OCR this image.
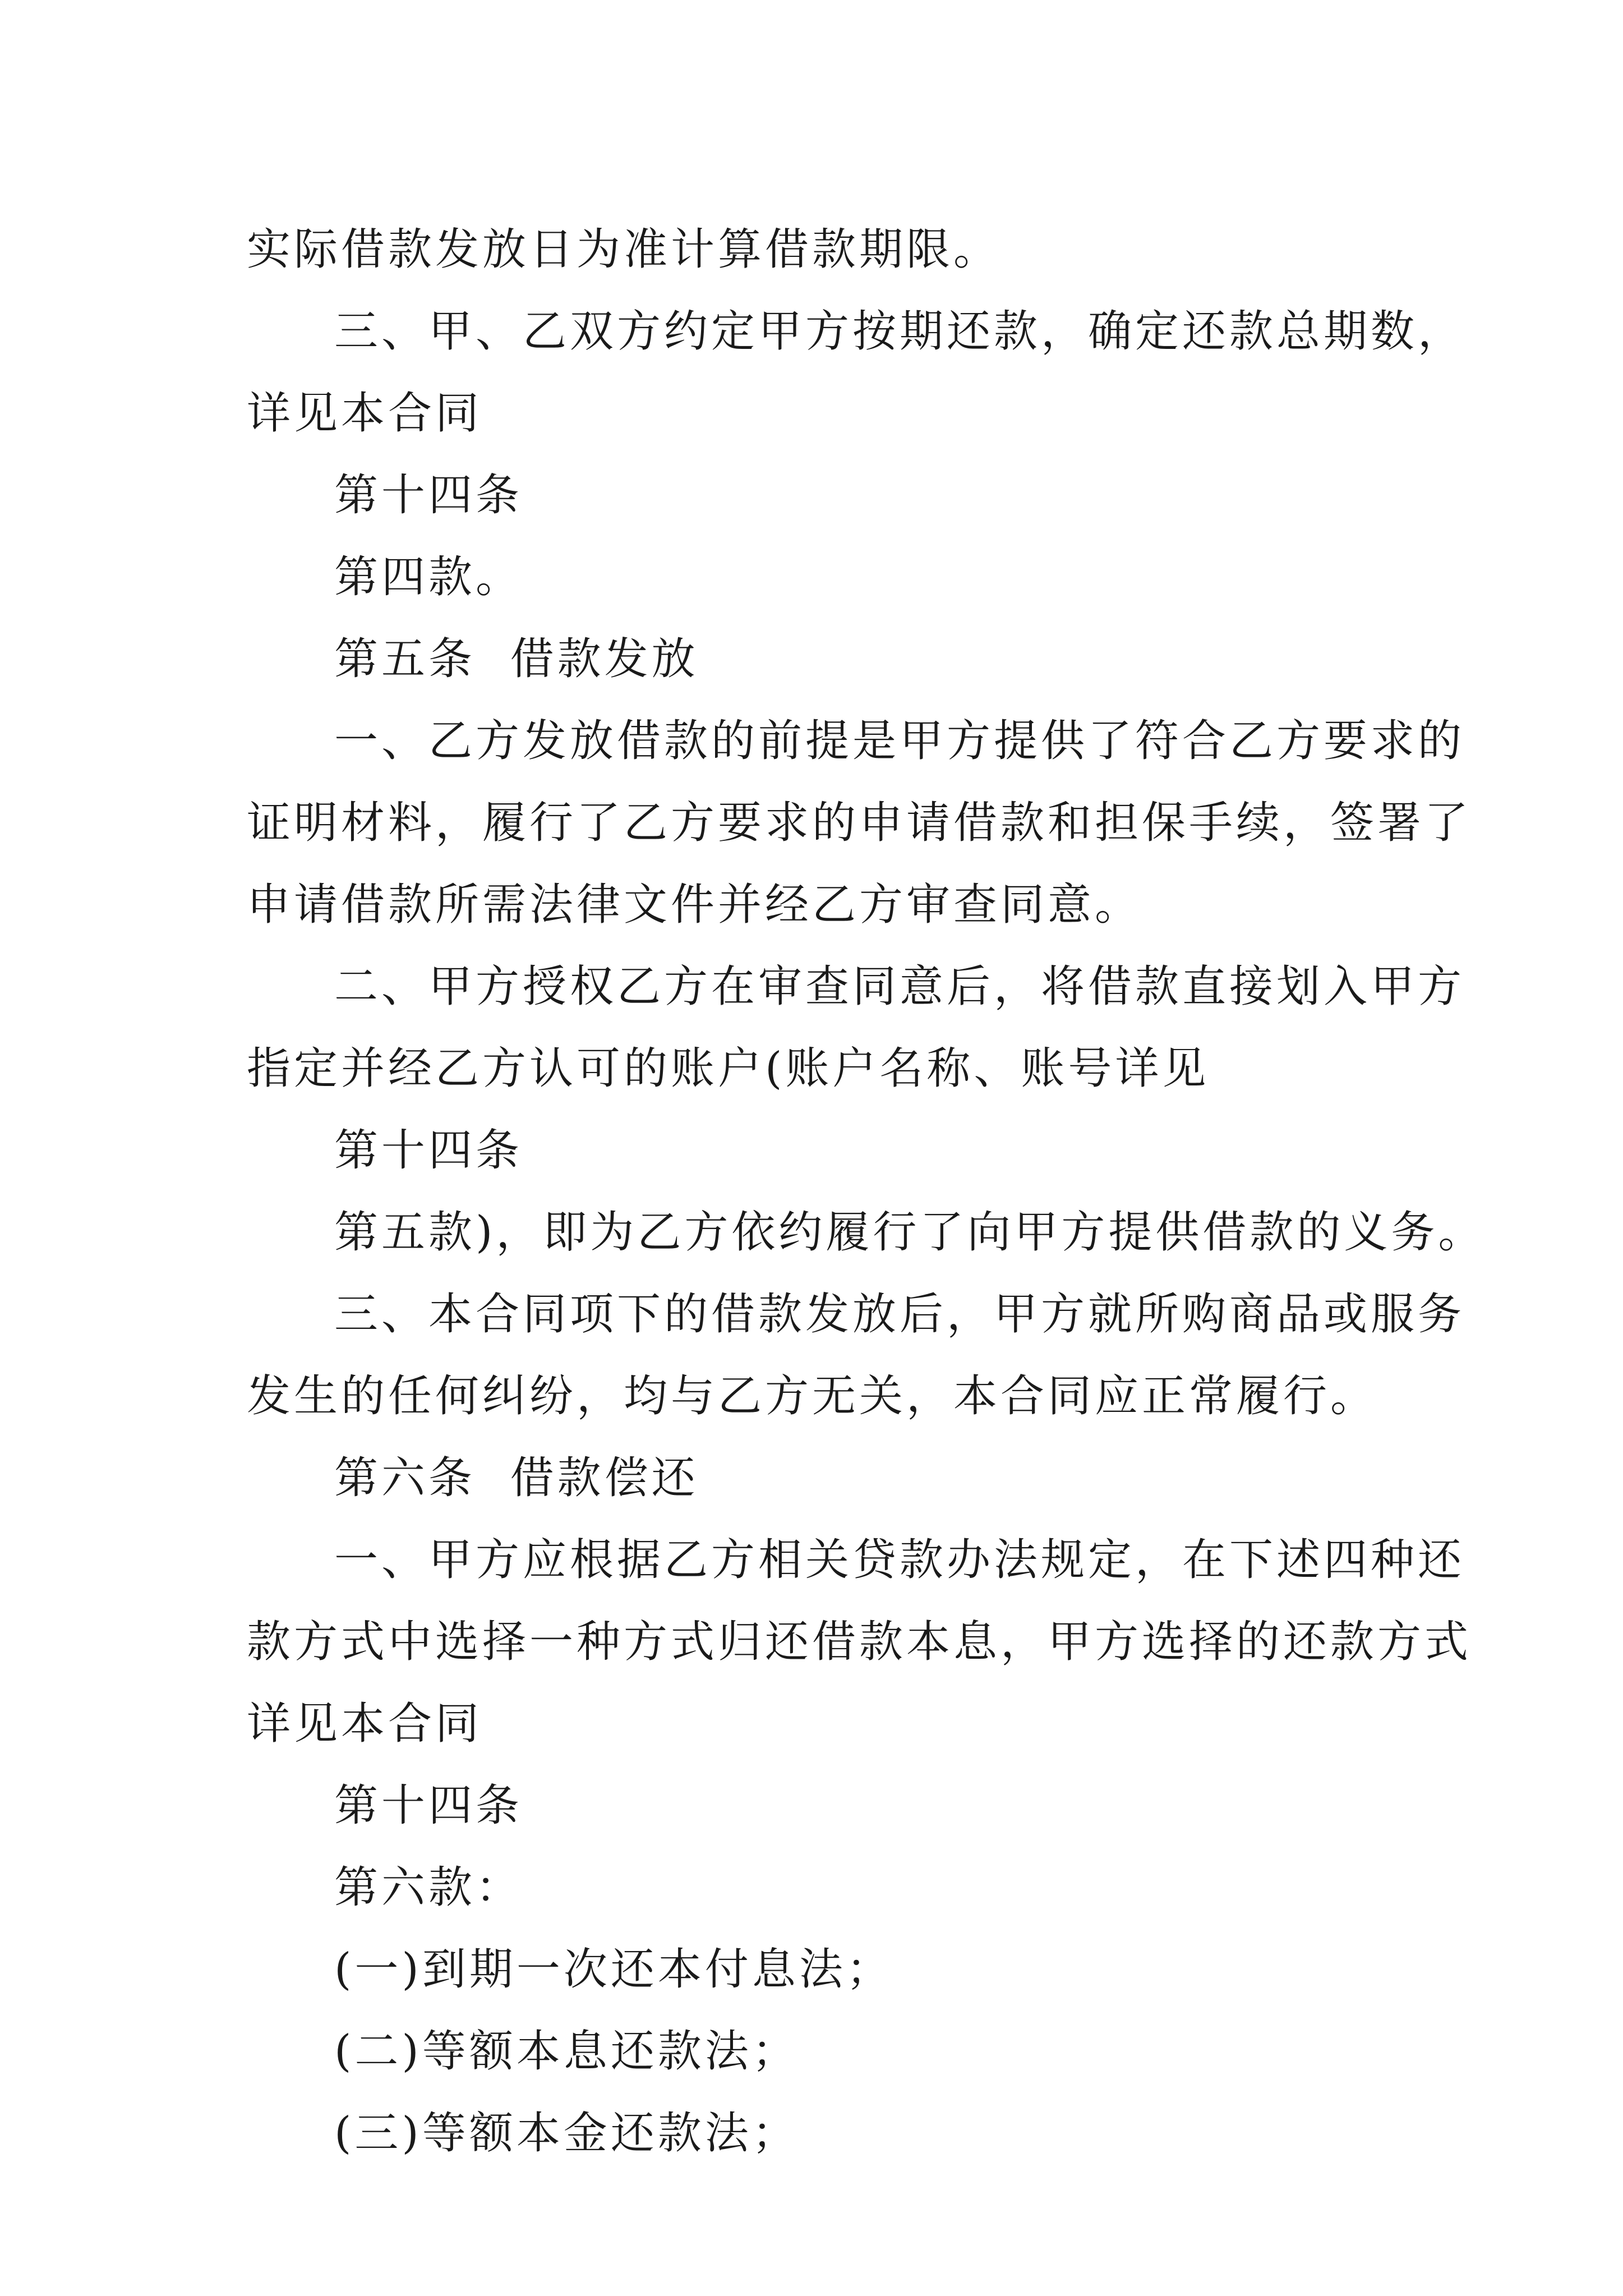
实际借款发放日为准计算借款期限。
三、甲、乙双方约定甲方按期还款，确定还款总期数，
详见本合同
第十四条
第四款。
第五条  借款发放
一、乙方发放借款的前提是甲方提供了符合乙方要求的
证明材料，履行了乙方要求的申请借款和担保手续，签署了
申请借款所需法律文件并经乙方审查同意。
二、甲方授权乙方在审查同意后，将借款直接划入甲方
指定并经乙方认可的账户(账户名称、账号详见
第十四条
第五款)，即为乙方依约履行了向甲方提供借款的义务。
三、本合同项下的借款发放后，甲方就所购商品或服务
发生的任何纠纷，均与乙方无关，本合同应正常履行。
第六条  借款偿还
一、甲方应根据乙方相关贷款办法规定，在下述四种还
款方式中选择一种方式归还借款本息，甲方选择的还款方式
详见本合同
第十四条
第六款：
(一)到期一次还本付息法；
(二)等额本息还款法；
(三)等额本金还款法；
